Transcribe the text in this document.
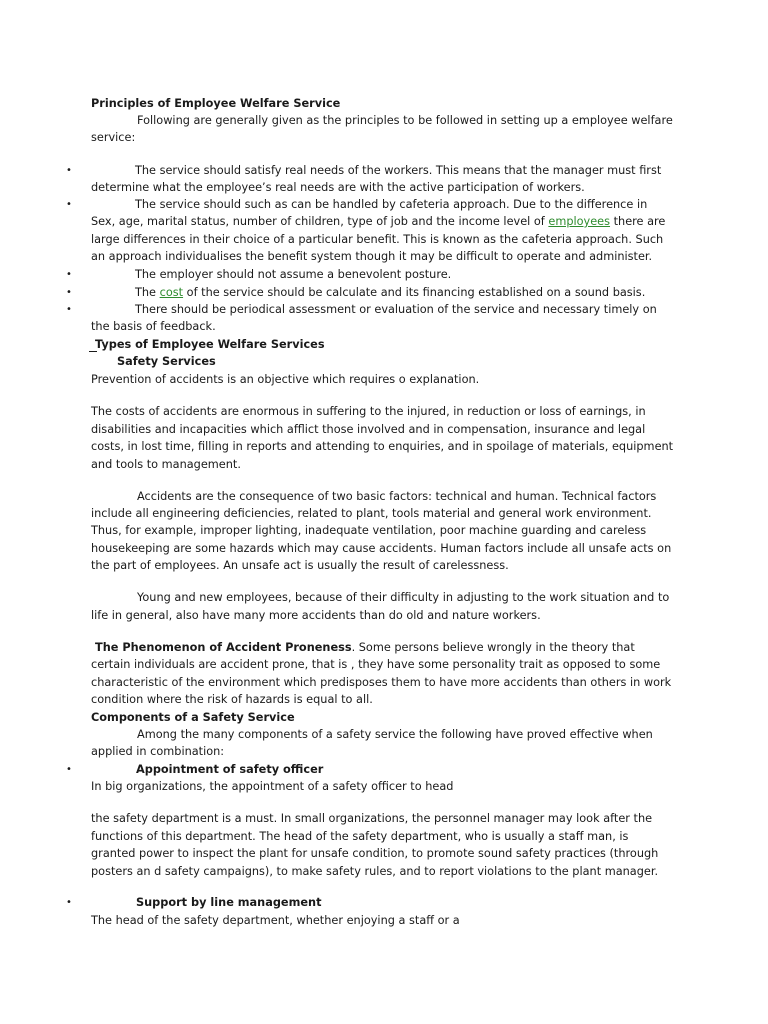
Principles of Employee Welfare Service
Following are generally given as the principles to be followed in setting up a employee welfare
service:
•	The service should satisfy real needs of the workers. This means that the manager must first
determine what the employee’s real needs are with the active participation of workers.
•	The service should such as can be handled by cafeteria approach. Due to the difference in
Sex, age, marital status, number of children, type of job and the income level of employees there are
large differences in their choice of a particular benefit. This is known as the cafeteria approach. Such
an approach individualises the benefit system though it may be difficult to operate and administer.
•	The employer should not assume a benevolent posture.
•	The cost of the service should be calculate and its financing established on a sound basis.
•	There should be periodical assessment or evaluation of the service and necessary timely on
the basis of feedback.
Types of Employee Welfare Services
Safety Services
Prevention of accidents is an objective which requires o explanation.
The costs of accidents are enormous in suffering to the injured, in reduction or loss of earnings, in
disabilities and incapacities which afflict those involved and in compensation, insurance and legal
costs, in lost time, filling in reports and attending to enquiries, and in spoilage of materials, equipment
and tools to management.
Accidents are the consequence of two basic factors: technical and human. Technical factors
include all engineering deficiencies, related to plant, tools material and general work environment.
Thus, for example, improper lighting, inadequate ventilation, poor machine guarding and careless
housekeeping are some hazards which may cause accidents. Human factors include all unsafe acts on
the part of employees. An unsafe act is usually the result of carelessness.
Young and new employees, because of their difficulty in adjusting to the work situation and to
life in general, also have many more accidents than do old and nature workers.
The Phenomenon of Accident Proneness. Some persons believe wrongly in the theory that
certain individuals are accident prone, that is , they have some personality trait as opposed to some
characteristic of the environment which predisposes them to have more accidents than others in work
condition where the risk of hazards is equal to all.
Components of a Safety Service
Among the many components of a safety service the following have proved effective when
applied in combination:
•	Appointment of safety officer
In big organizations, the appointment of a safety officer to head
the safety department is a must. In small organizations, the personnel manager may look after the
functions of this department. The head of the safety department, who is usually a staff man, is
granted power to inspect the plant for unsafe condition, to promote sound safety practices (through
posters an d safety campaigns), to make safety rules, and to report violations to the plant manager.
•	Support by line management
The head of the safety department, whether enjoying a staff or a
